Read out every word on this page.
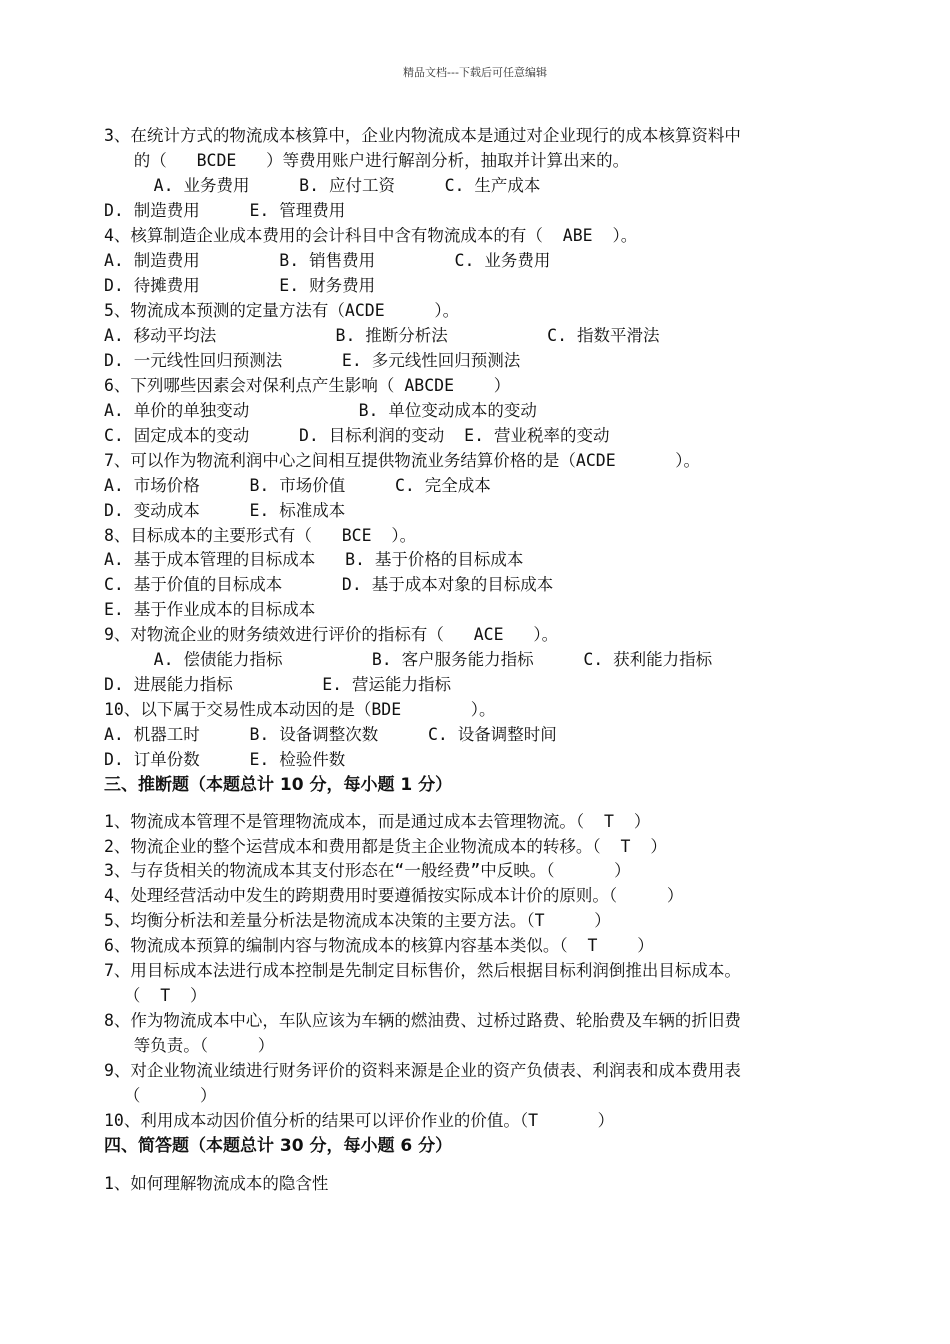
精品文档---下载后可任意编辑
3、在统计方式的物流成本核算中，企业内物流成本是通过对企业现行的成本核算资料中
的（   BCDE   ）等费用账户进行解剖分析，抽取并计算出来的。
A. 业务费用     B. 应付工资     C. 生产成本
D. 制造费用     E. 管理费用
4、核算制造企业成本费用的会计科目中含有物流成本的有（  ABE  ）。
A. 制造费用        B. 销售费用        C. 业务费用
D. 待摊费用        E. 财务费用
5、物流成本预测的定量方法有（ACDE     ）。
A. 移动平均法            B. 推断分析法          C. 指数平滑法
D. 一元线性回归预测法      E. 多元线性回归预测法
6、下列哪些因素会对保利点产生影响（ ABCDE    ）
A. 单价的单独变动           B. 单位变动成本的变动
C. 固定成本的变动     D. 目标利润的变动  E. 营业税率的变动
7、可以作为物流利润中心之间相互提供物流业务结算价格的是（ACDE      ）。
A. 市场价格     B. 市场价值     C. 完全成本
D. 变动成本     E. 标准成本
8、目标成本的主要形式有（   BCE  ）。
A. 基于成本管理的目标成本   B. 基于价格的目标成本
C. 基于价值的目标成本      D. 基于成本对象的目标成本
E. 基于作业成本的目标成本
9、对物流企业的财务绩效进行评价的指标有（   ACE   ）。
A. 偿债能力指标         B. 客户服务能力指标     C. 获利能力指标
D. 进展能力指标         E. 营运能力指标
10、以下属于交易性成本动因的是（BDE       ）。
A. 机器工时     B. 设备调整次数     C. 设备调整时间
D. 订单份数     E. 检验件数
三、推断题（本题总计 10 分，每小题 1 分）
1、物流成本管理不是管理物流成本，而是通过成本去管理物流。（  T  ）
2、物流企业的整个运营成本和费用都是货主企业物流成本的转移。（  T  ）
3、与存货相关的物流成本其支付形态在“一般经费”中反映。（      ）
4、处理经营活动中发生的跨期费用时要遵循按实际成本计价的原则。（     ）
5、均衡分析法和差量分析法是物流成本决策的主要方法。（T     ）
6、物流成本预算的编制内容与物流成本的核算内容基本类似。（  T    ）
7、用目标成本法进行成本控制是先制定目标售价，然后根据目标利润倒推出目标成本。
（  T  ）
8、作为物流成本中心，车队应该为车辆的燃油费、过桥过路费、轮胎费及车辆的折旧费
等负责。（     ）
9、对企业物流业绩进行财务评价的资料来源是企业的资产负债表、利润表和成本费用表
（      ）
10、利用成本动因价值分析的结果可以评价作业的价值。（T      ）
四、简答题（本题总计 30 分，每小题 6 分）
1、如何理解物流成本的隐含性
